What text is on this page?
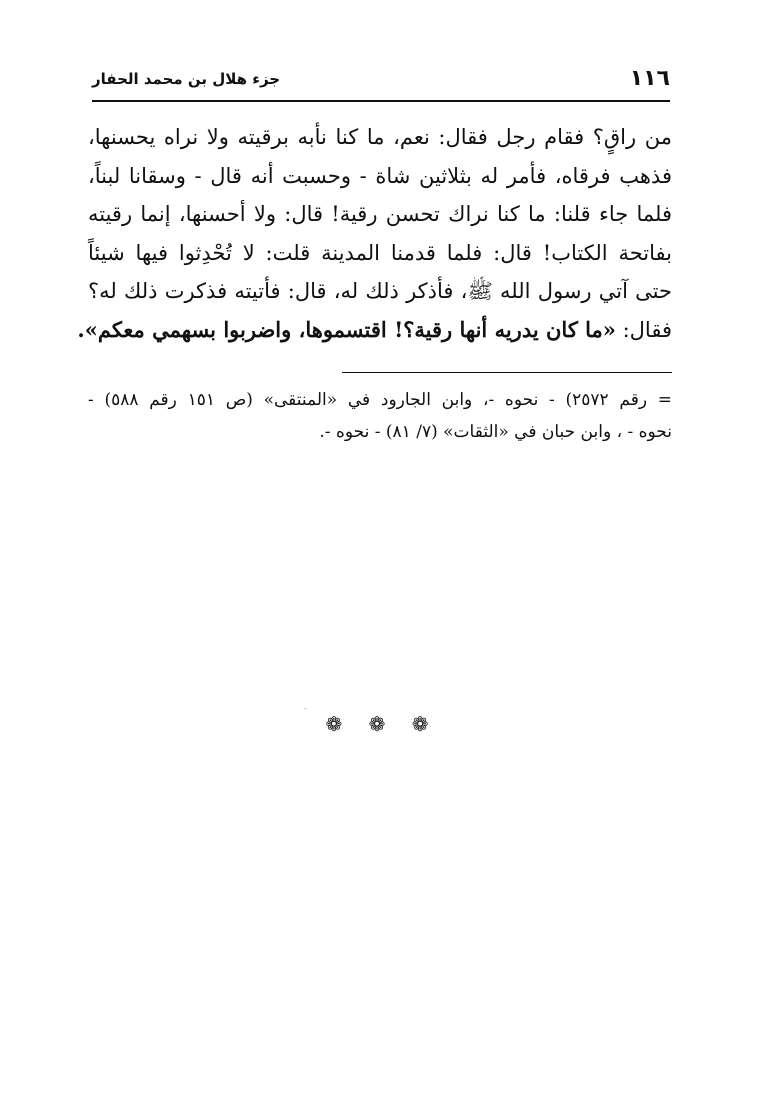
١١٦
جزء هلال بن محمد الحفار
من راقٍ؟ فقام رجل فقال: نعم، ما كنا نأبه برقيته ولا نراه يحسنها،
فذهب فرقاه، فأمر له بثلاثين شاة - وحسبت أنه قال - وسقانا لبناً،
فلما جاء قلنا: ما كنا نراك تحسن رقية! قال: ولا أحسنها، إنما رقيته
بفاتحة الكتاب! قال: فلما قدمنا المدينة قلت: لا تُحْدِثوا فيها شيئاً
حتى آتي رسول الله ﷺ، فأذكر ذلك له، قال: فأتيته فذكرت ذلك له؟
فقال: «ما كان يدريه أنها رقية؟! اقتسموها، واضربوا بسهمي معكم».
= رقم ٢٥٧٢) - نحوه -، وابن الجارود في «المنتقى» (ص ١٥١ رقم ٥٨٨) -
نحوه - ، وابن حبان في «الثقات» (٧/ ٨١) - نحوه -.
❁ ❁ ❁
